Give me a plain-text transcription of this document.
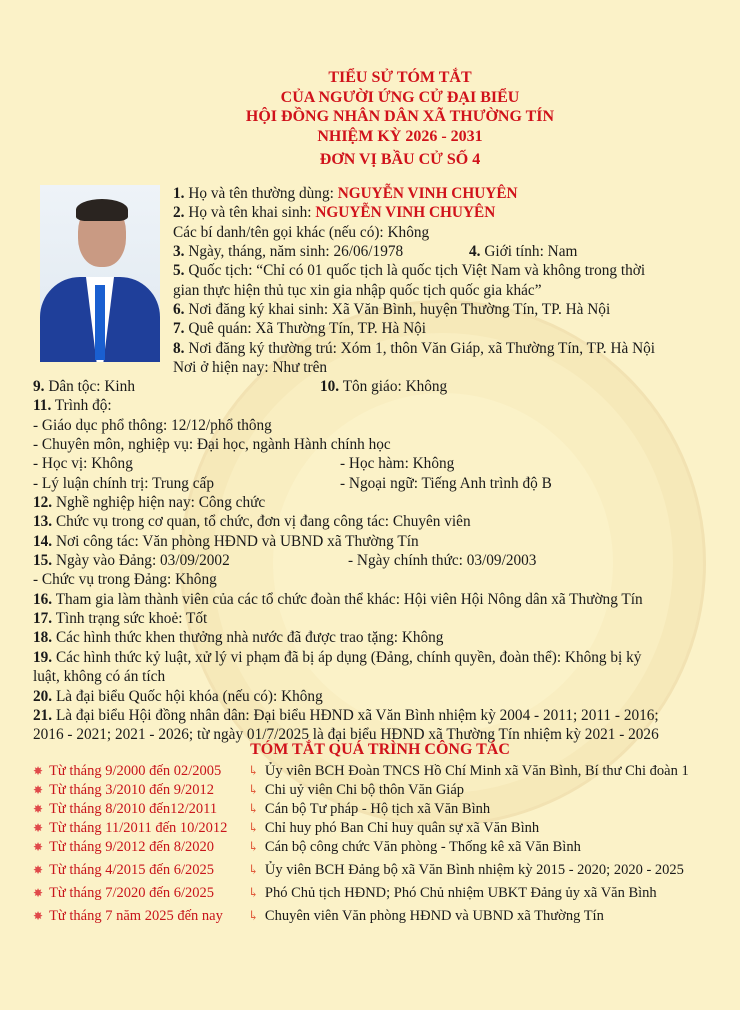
TIỂU SỬ TÓM TẮT
CỦA NGƯỜI ỨNG CỬ ĐẠI BIỂU
HỘI ĐỒNG NHÂN DÂN XÃ THƯỜNG TÍN
NHIỆM KỲ 2026 - 2031
ĐƠN VỊ BẦU CỬ SỐ 4
1. Họ và tên thường dùng: NGUYỄN VINH CHUYÊN
2. Họ và tên khai sinh: NGUYỄN VINH CHUYÊN
Các bí danh/tên gọi khác (nếu có): Không
3. Ngày, tháng, năm sinh: 26/06/1978	4. Giới tính: Nam
5. Quốc tịch: “Chỉ có 01 quốc tịch là quốc tịch Việt Nam và không trong thời
gian thực hiện thủ tục xin gia nhập quốc tịch quốc gia khác”
6. Nơi đăng ký khai sinh: Xã Văn Bình, huyện Thường Tín, TP. Hà Nội
7. Quê quán: Xã Thường Tín, TP. Hà Nội
8. Nơi đăng ký thường trú: Xóm 1, thôn Văn Giáp, xã Thường Tín, TP. Hà Nội
Nơi ở hiện nay: Như trên
9. Dân tộc: Kinh	10. Tôn giáo: Không
11. Trình độ:
- Giáo dục phổ thông: 12/12/phổ thông
- Chuyên môn, nghiệp vụ: Đại học, ngành Hành chính học
- Học vị: Không	- Học hàm: Không
- Lý luận chính trị: Trung cấp	- Ngoại ngữ: Tiếng Anh trình độ B
12. Nghề nghiệp hiện nay: Công chức
13. Chức vụ trong cơ quan, tổ chức, đơn vị đang công tác: Chuyên viên
14. Nơi công tác: Văn phòng HĐND và UBND xã Thường Tín
15. Ngày vào Đảng: 03/09/2002	- Ngày chính thức: 03/09/2003
- Chức vụ trong Đảng: Không
16. Tham gia làm thành viên của các tổ chức đoàn thể khác: Hội viên Hội Nông dân xã Thường Tín
17. Tình trạng sức khoẻ: Tốt
18. Các hình thức khen thưởng nhà nước đã được trao tặng: Không
19. Các hình thức kỷ luật, xử lý vi phạm đã bị áp dụng (Đảng, chính quyền, đoàn thể): Không bị kỷ
luật, không có án tích
20. Là đại biểu Quốc hội khóa (nếu có): Không
21. Là đại biểu Hội đồng nhân dân: Đại biểu HĐND xã Văn Bình nhiệm kỳ 2004 - 2011; 2011 - 2016;
2016 - 2021; 2021 - 2026; từ ngày 01/7/2025 là đại biểu HĐND xã Thường Tín nhiệm kỳ 2021 - 2026
TÓM TẮT QUÁ TRÌNH CÔNG TÁC
✸ Từ tháng 9/2000 đến 02/2005 ↳ Ủy viên BCH Đoàn TNCS Hồ Chí Minh xã Văn Bình, Bí thư Chi đoàn 1
✸ Từ tháng 3/2010 đến 9/2012	↳ Chi uỷ viên Chi bộ thôn Văn Giáp
✸ Từ tháng 8/2010 đến12/2011 ↳ Cán bộ Tư pháp - Hộ tịch xã Văn Bình
✸ Từ tháng 11/2011 đến 10/2012 ↳ Chỉ huy phó Ban Chỉ huy quân sự xã Văn Bình
✸ Từ tháng 9/2012 đến 8/2020	↳ Cán bộ công chức Văn phòng - Thống kê xã Văn Bình
✸ Từ tháng 4/2015 đến 6/2025	↳ Ủy viên BCH Đảng bộ xã Văn Bình nhiệm kỳ 2015 - 2020; 2020 - 2025
✸ Từ tháng 7/2020 đến 6/2025	↳ Phó Chủ tịch HĐND; Phó Chủ nhiệm UBKT Đảng ủy xã Văn Bình
✸ Từ tháng 7 năm 2025 đến nay ↳ Chuyên viên Văn phòng HĐND và UBND xã Thường Tín
